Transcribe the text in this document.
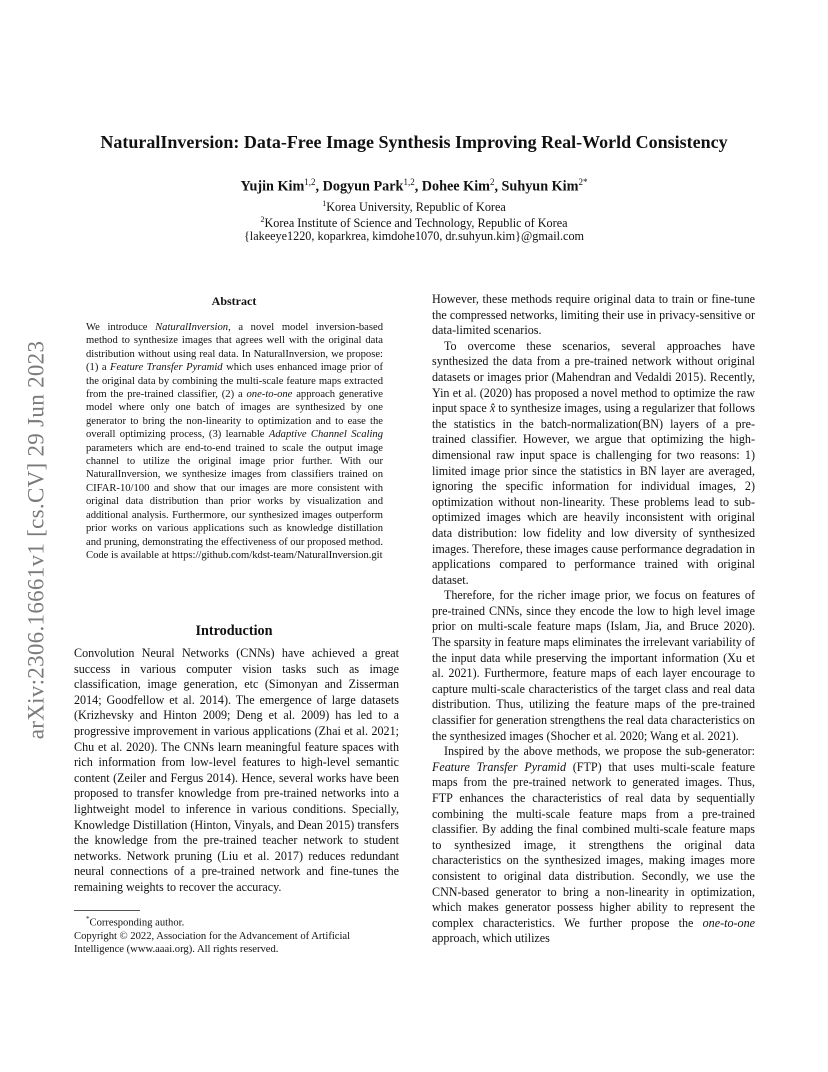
arXiv:2306.16661v1 [cs.CV] 29 Jun 2023
NaturalInversion: Data-Free Image Synthesis Improving Real-World Consistency
Yujin Kim$^{1,2}$, Dogyun Park$^{1,2}$, Dohee Kim$^2$, Suhyun Kim$^{2*}$
$^1$Korea University, Republic of Korea
$^2$Korea Institute of Science and Technology, Republic of Korea
{lakeeye1220, koparkrea, kimdohe1070, dr.suhyun.kim}@gmail.com
Abstract
We introduce NaturalInversion, a novel model inversion-based method to synthesize images that agrees well with the original data distribution without using real data. In NaturalInversion, we propose: (1) a Feature Transfer Pyramid which uses enhanced image prior of the original data by combining the multi-scale feature maps extracted from the pre-trained classifier, (2) a one-to-one approach generative model where only one batch of images are synthesized by one generator to bring the non-linearity to optimization and to ease the overall optimizing process, (3) learnable Adaptive Channel Scaling parameters which are end-to-end trained to scale the output image channel to utilize the original image prior further. With our NaturalInversion, we synthesize images from classifiers trained on CIFAR-10/100 and show that our images are more consistent with original data distribution than prior works by visualization and additional analysis. Furthermore, our synthesized images outperform prior works on various applications such as knowledge distillation and pruning, demonstrating the effectiveness of our proposed method. Code is available at https://github.com/kdst-team/NaturalInversion.git
Introduction

Convolution Neural Networks (CNNs) have achieved a great success in various computer vision tasks such as image classification, image generation, etc (Simonyan and Zisserman 2014; Goodfellow et al. 2014). The emergence of large datasets (Krizhevsky and Hinton 2009; Deng et al. 2009) has led to a progressive improvement in various applications (Zhai et al. 2021; Chu et al. 2020). The CNNs learn meaningful feature spaces with rich information from low-level features to high-level semantic content (Zeiler and Fergus 2014). Hence, several works have been proposed to transfer knowledge from pre-trained networks into a lightweight model to inference in various conditions. Specially, Knowledge Distillation (Hinton, Vinyals, and Dean 2015) transfers the knowledge from the pre-trained teacher network to student networks. Network pruning (Liu et al. 2017) reduces redundant neural connections of a pre-trained network and fine-tunes the remaining weights to recover the accuracy.

*Corresponding author.
Copyright © 2022, Association for the Advancement of Artificial Intelligence (www.aaai.org). All rights reserved.

However, these methods require original data to train or fine-tune the compressed networks, limiting their use in privacy-sensitive or data-limited scenarios.

To overcome these scenarios, several approaches have synthesized the data from a pre-trained network without original datasets or images prior (Mahendran and Vedaldi 2015). Recently, Yin et al. (2020) has proposed a novel method to optimize the raw input space x̂ to synthesize images, using a regularizer that follows the statistics in the batch-normalization(BN) layers of a pre-trained classifier. However, we argue that optimizing the high-dimensional raw input space is challenging for two reasons: 1) limited image prior since the statistics in BN layer are averaged, ignoring the specific information for individual images, 2) optimization without non-linearity. These problems lead to sub-optimized images which are heavily inconsistent with original data distribution: low fidelity and low diversity of synthesized images. Therefore, these images cause performance degradation in applications compared to performance trained with original dataset.

Therefore, for the richer image prior, we focus on features of pre-trained CNNs, since they encode the low to high level image prior on multi-scale feature maps (Islam, Jia, and Bruce 2020). The sparsity in feature maps eliminates the irrelevant variability of the input data while preserving the important information (Xu et al. 2021). Furthermore, feature maps of each layer encourage to capture multi-scale characteristics of the target class and real data distribution. Thus, utilizing the feature maps of the pre-trained classifier for generation strengthens the real data characteristics on the synthesized images (Shocher et al. 2020; Wang et al. 2021).

Inspired by the above methods, we propose the sub-generator: Feature Transfer Pyramid (FTP) that uses multi-scale feature maps from the pre-trained network to generated images. Thus, FTP enhances the characteristics of real data by sequentially combining the multi-scale feature maps from a pre-trained classifier. By adding the final combined multi-scale feature maps to synthesized image, it strengthens the original data characteristics on the synthesized images, making images more consistent to original data distribution. Secondly, we use the CNN-based generator to bring a non-linearity in optimization, which makes generator possess higher ability to represent the complex characteristics. We further propose the one-to-one approach, which utilizes
